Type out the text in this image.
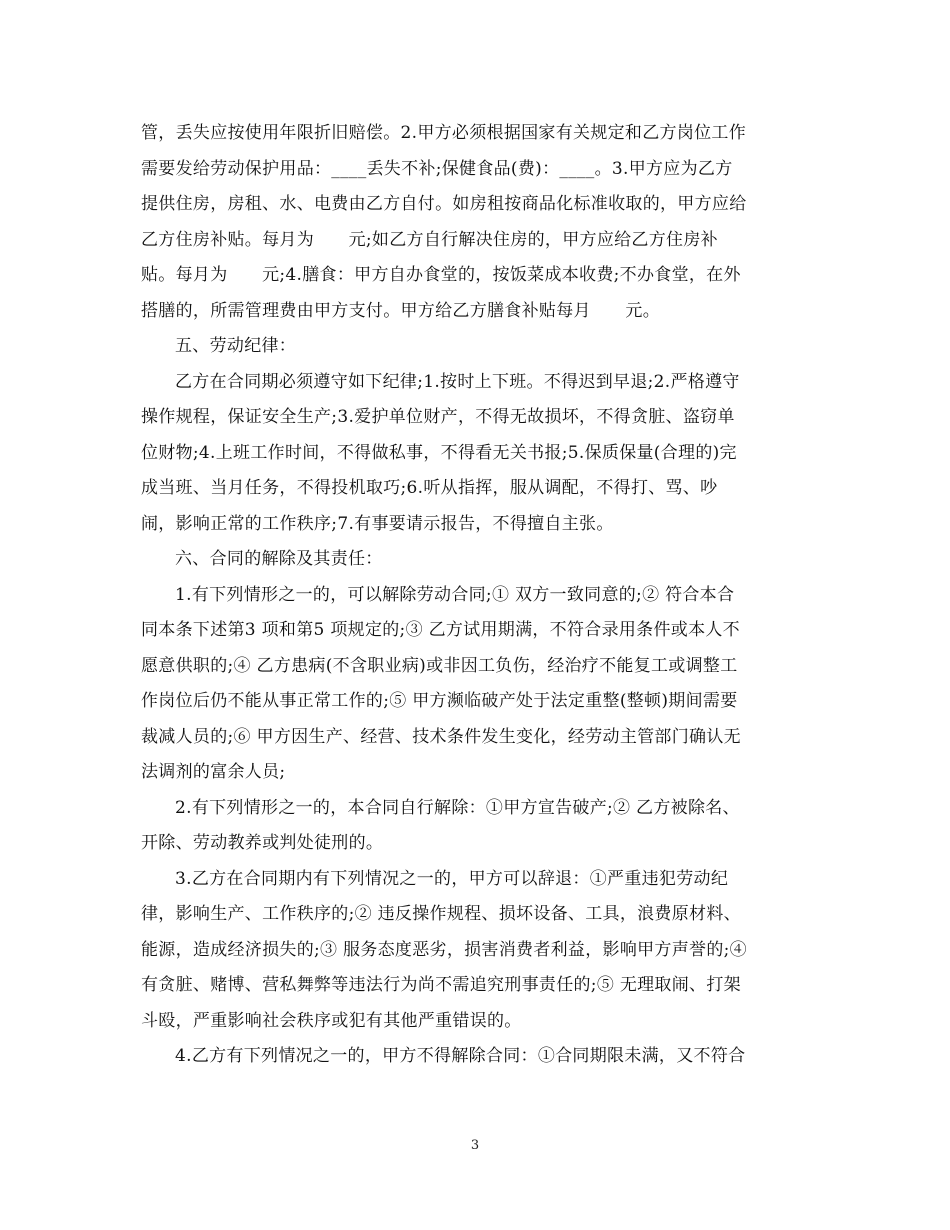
管，丢失应按使用年限折旧赔偿。2.甲方必须根据国家有关规定和乙方岗位工作
需要发给劳动保护用品：____丢失不补;保健食品(费)：____。3.甲方应为乙方
提供住房，房租、水、电费由乙方自付。如房租按商品化标准收取的，甲方应给
乙方住房补贴。每月为　　元;如乙方自行解决住房的，甲方应给乙方住房补
贴。每月为　　元;4.膳食：甲方自办食堂的，按饭菜成本收费;不办食堂，在外
搭膳的，所需管理费由甲方支付。甲方给乙方膳食补贴每月　　元。

五、劳动纪律：

乙方在合同期必须遵守如下纪律;1.按时上下班。不得迟到早退;2.严格遵守
操作规程，保证安全生产;3.爱护单位财产，不得无故损坏，不得贪脏、盗窃单
位财物;4.上班工作时间，不得做私事，不得看无关书报;5.保质保量(合理的)完
成当班、当月任务，不得投机取巧;6.听从指挥，服从调配，不得打、骂、吵
闹，影响正常的工作秩序;7.有事要请示报告，不得擅自主张。

六、合同的解除及其责任：

1.有下列情形之一的，可以解除劳动合同;① 双方一致同意的;② 符合本合
同本条下述第3 项和第5 项规定的;③ 乙方试用期满，不符合录用条件或本人不
愿意供职的;④ 乙方患病(不含职业病)或非因工负伤，经治疗不能复工或调整工
作岗位后仍不能从事正常工作的;⑤ 甲方濒临破产处于法定重整(整顿)期间需要
裁减人员的;⑥ 甲方因生产、经营、技术条件发生变化，经劳动主管部门确认无
法调剂的富余人员;

2.有下列情形之一的，本合同自行解除：①甲方宣告破产;② 乙方被除名、
开除、劳动教养或判处徒刑的。

3.乙方在合同期内有下列情况之一的，甲方可以辞退：①严重违犯劳动纪
律，影响生产、工作秩序的;② 违反操作规程、损坏设备、工具，浪费原材料、
能源，造成经济损失的;③ 服务态度恶劣，损害消费者利益，影响甲方声誉的;④
有贪脏、赌博、营私舞弊等违法行为尚不需追究刑事责任的;⑤ 无理取闹、打架
斗殴，严重影响社会秩序或犯有其他严重错误的。

4.乙方有下列情况之一的，甲方不得解除合同：①合同期限未满，又不符合

3
